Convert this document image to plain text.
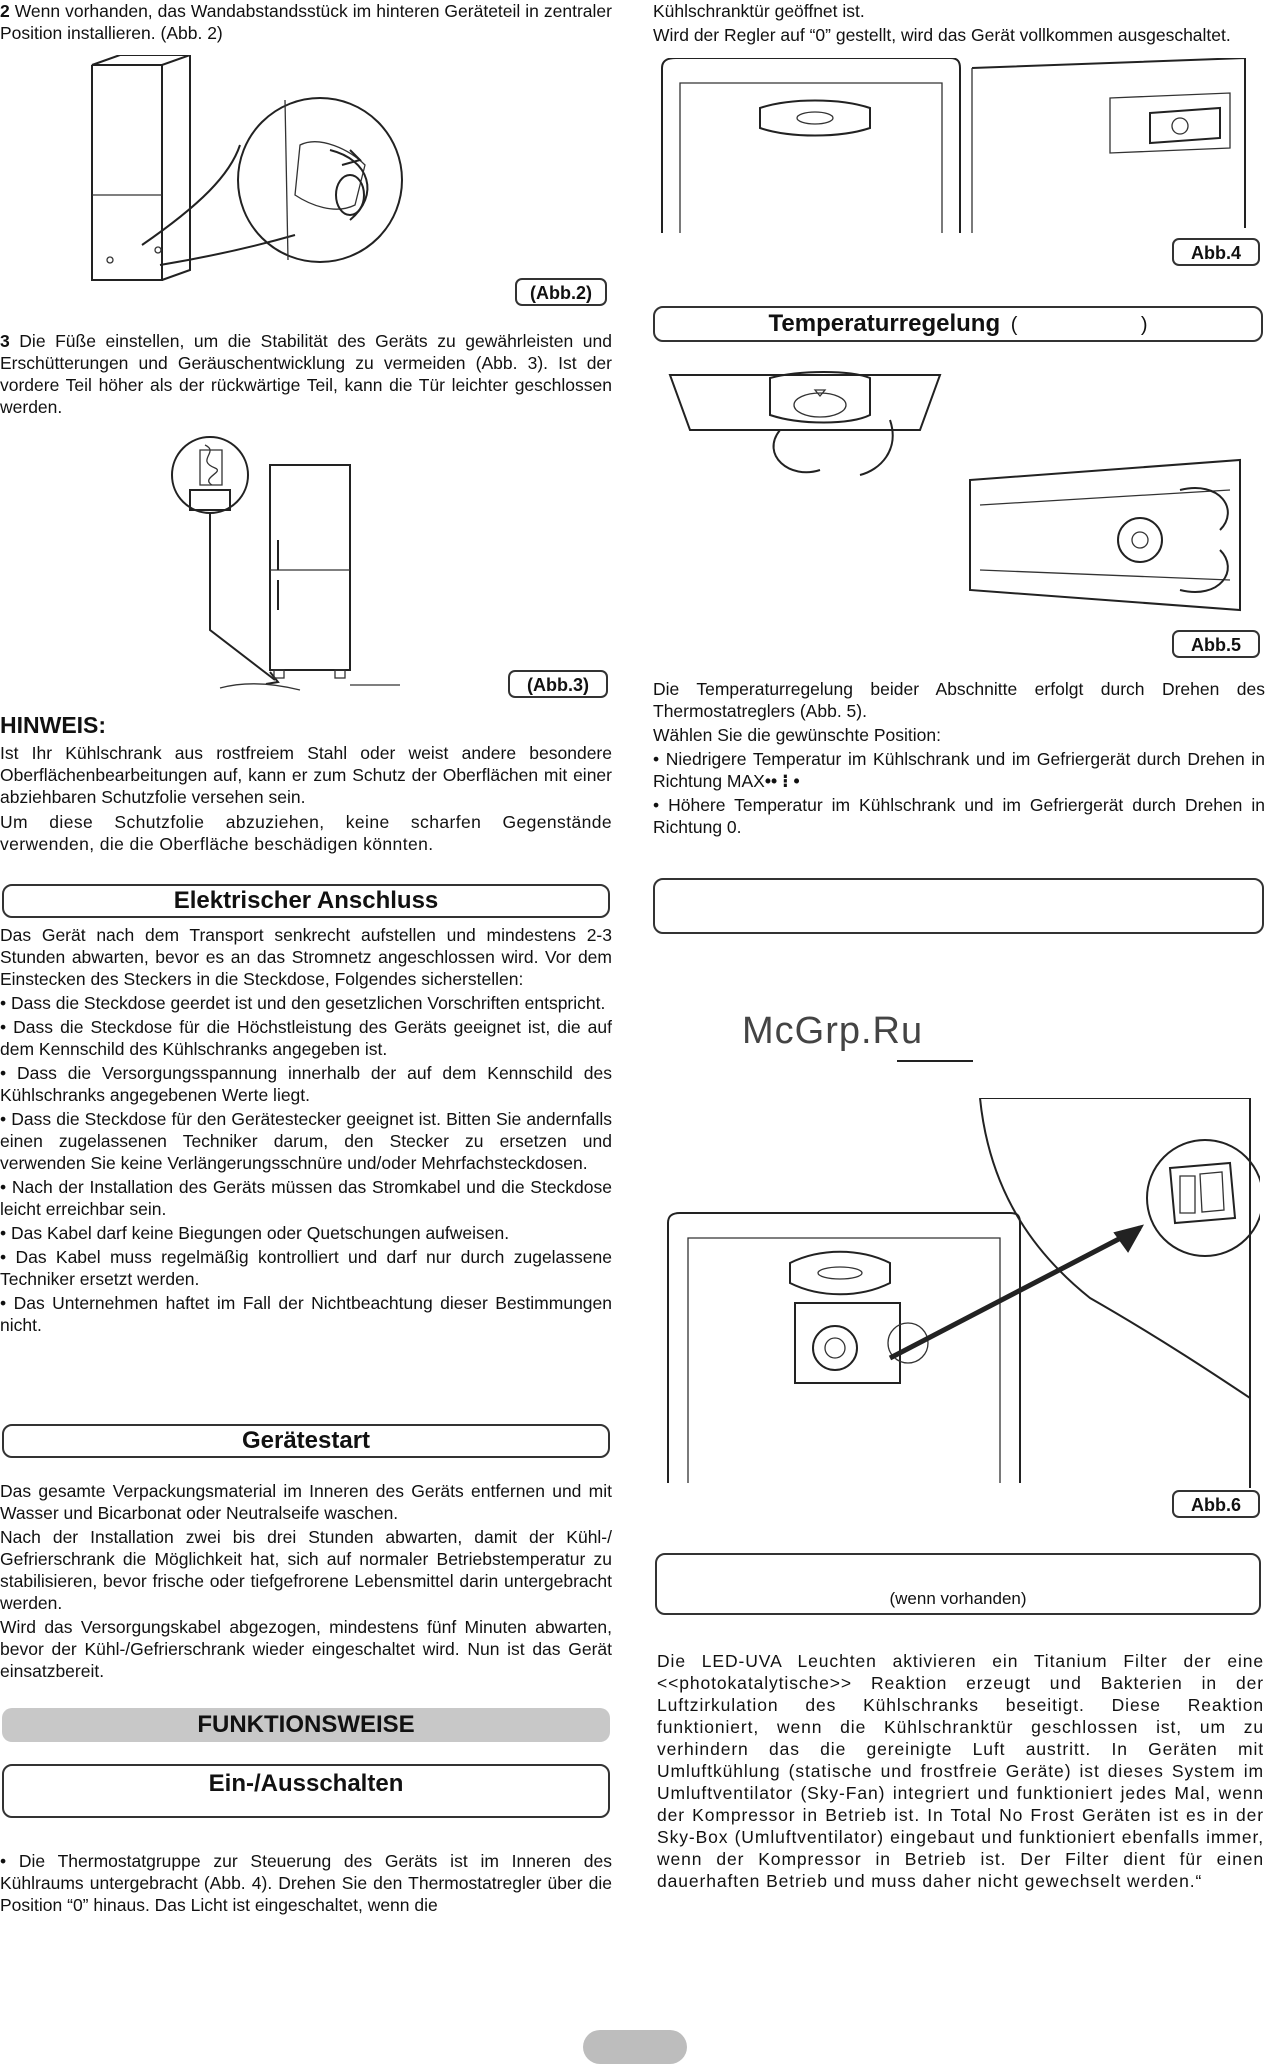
2 Wenn vorhanden, das Wandabstandsstück im hinteren Geräteteil in zentraler Position installieren. (Abb. 2)

(Abb.2)

3 Die Füße einstellen, um die Stabilität des Geräts zu gewährleisten und Erschütterungen und Geräuschentwicklung zu vermeiden (Abb. 3). Ist der vordere Teil höher als der rückwärtige Teil, kann die Tür leichter geschlossen werden.

(Abb.3)
HINWEIS:

Ist Ihr Kühlschrank aus rostfreiem Stahl oder weist andere besondere Oberflächenbearbeitungen auf, kann er zum Schutz der Oberflächen mit einer abziehbaren Schutzfolie versehen sein.

Um diese Schutzfolie abzuziehen, keine scharfen Gegenstände verwenden, die die Oberfläche beschädigen könnten.

Elektrischer Anschluss

Das Gerät nach dem Transport senkrecht aufstellen und mindestens 2-3 Stunden abwarten, bevor es an das Stromnetz angeschlossen wird. Vor dem Einstecken des Steckers in die Steckdose, Folgendes sicherstellen:

• Dass die Steckdose geerdet ist und den gesetzlichen Vorschriften entspricht.

• Dass die Steckdose für die Höchstleistung des Geräts geeignet ist, die auf dem Kennschild des Kühlschranks angegeben ist.

• Dass die Versorgungsspannung innerhalb der auf dem Kennschild des Kühlschranks angegebenen Werte liegt.

• Dass die Steckdose für den Gerätestecker geeignet ist. Bitten Sie andernfalls einen zugelassenen Techniker darum, den Stecker zu ersetzen und verwenden Sie keine Verlängerungsschnüre und/oder Mehrfachsteckdosen.

• Nach der Installation des Geräts müssen das Stromkabel und die Steckdose leicht erreichbar sein.

• Das Kabel darf keine Biegungen oder Quetschungen aufweisen.

• Das Kabel muss regelmäßig kontrolliert und darf nur durch zugelassene Techniker ersetzt werden.

• Das Unternehmen haftet im Fall der Nichtbeachtung dieser Bestimmungen nicht.

Gerätestart

Das gesamte Verpackungsmaterial im Inneren des Geräts entfernen und mit Wasser und Bicarbonat oder Neutralseife waschen.

Nach der Installation zwei bis drei Stunden abwarten, damit der Kühl-/ Gefrierschrank die Möglichkeit hat, sich auf normaler Betriebstemperatur zu stabilisieren, bevor frische oder tiefgefrorene Lebensmittel darin untergebracht werden.

Wird das Versorgungskabel abgezogen, mindestens fünf Minuten abwarten, bevor der Kühl-/Gefrierschrank wieder eingeschaltet wird. Nun ist das Gerät einsatzbereit.

FUNKTIONSWEISE
Ein-/Ausschalten
• Die Thermostatgruppe zur Steuerung des Geräts ist im Inneren des Kühlraums untergebracht (Abb. 4). Drehen Sie den Thermostatregler über die Position “0” hinaus. Das Licht ist eingeschaltet, wenn die

Kühlschranktür geöffnet ist.

Wird der Regler auf “0” gestellt, wird das Gerät vollkommen ausgeschaltet.

Abb.4
Temperaturregelung (	)
Abb.5

Die Temperaturregelung beider Abschnitte erfolgt durch Drehen des Thermostatreglers (Abb. 5).

Wählen Sie die gewünschte Position:

• Niedrigere Temperatur im Kühlschrank und im Gefriergerät durch Drehen in Richtung MAX•• ⁝ •

• Höhere Temperatur im Kühlschrank und im Gefriergerät durch Drehen in Richtung 0.

McGrp.Ru
Abb.6
(wenn vorhanden)
Die LED-UVA Leuchten aktivieren ein Titanium Filter der eine <<photokatalytische>> Reaktion erzeugt und Bakterien in der Luftzirkulation des Kühlschranks beseitigt. Diese Reaktion funktioniert, wenn die Kühlschranktür geschlossen ist, um zu verhindern das die gereinigte Luft austritt. In Geräten mit Umluftkühlung (statische und frostfreie Geräte) ist dieses System im Umluftventilator (Sky-Fan) integriert und funktioniert jedes Mal, wenn der Kompressor in Betrieb ist. In Total No Frost Geräten ist es in der Sky-Box (Umluftventilator) eingebaut und funktioniert ebenfalls immer, wenn der Kompressor in Betrieb ist. Der Filter dient für einen dauerhaften Betrieb und muss daher nicht gewechselt werden.“
